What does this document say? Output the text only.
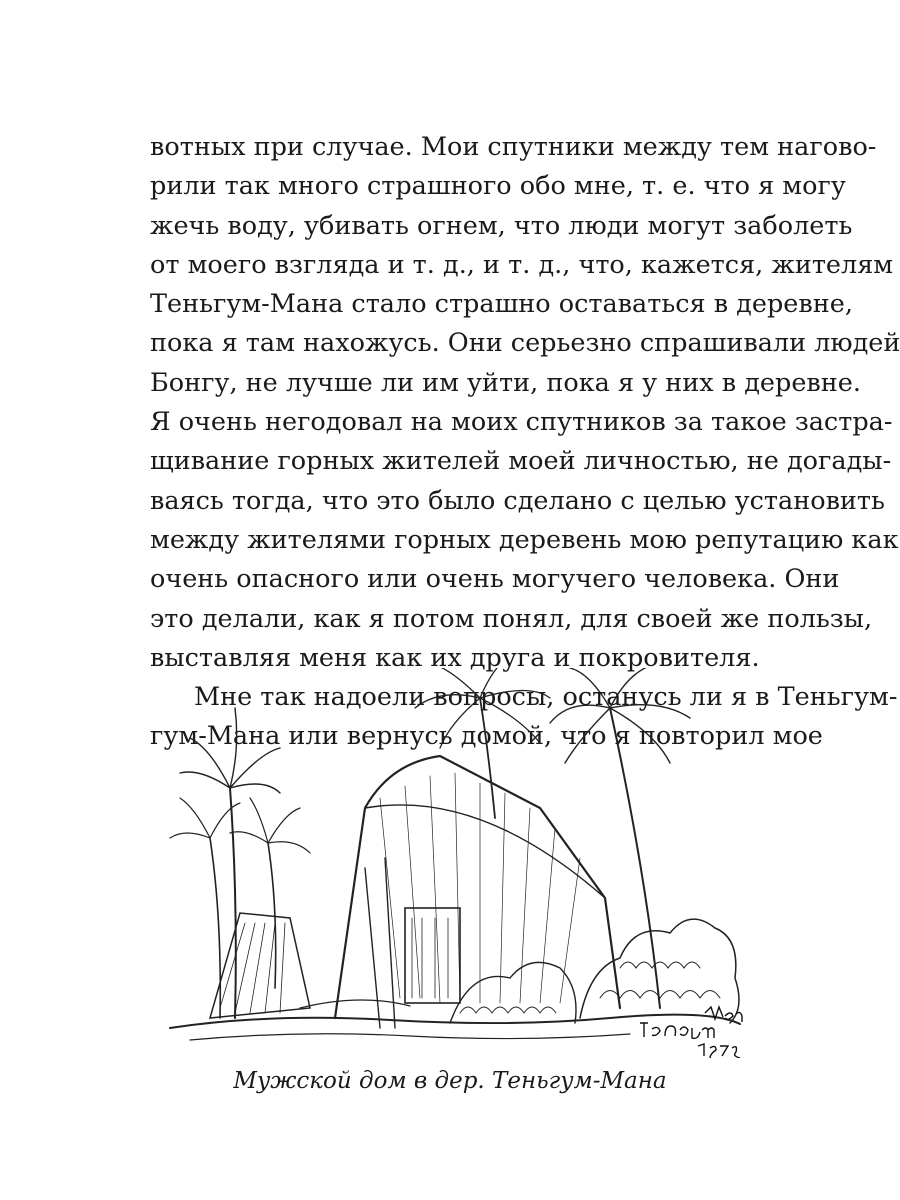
вотных при случае. Мои спутники между тем нагово-
рили так много страшного обо мне, т. е. что я могу
жечь воду, убивать огнем, что люди могут заболеть
от моего взгляда и т. д., и т. д., что, кажется, жителям
Теньгум-Мана стало страшно оставаться в деревне,
пока я там нахожусь. Они серьезно спрашивали людей
Бонгу, не лучше ли им уйти, пока я у них в деревне.
Я очень негодовал на моих спутников за такое застра-
щивание горных жителей моей личностью, не догады-
ваясь тогда, что это было сделано с целью установить
между жителями горных деревень мою репутацию как
очень опасного или очень могучего человека. Они
это делали, как я потом понял, для своей же пользы,
выставляя меня как их друга и покровителя.
Мне так надоели вопросы, останусь ли я в Теньгум-
гум-Мана или вернусь домой, что я повторил мое
Мужской дом в дер. Теньгум-Мана
